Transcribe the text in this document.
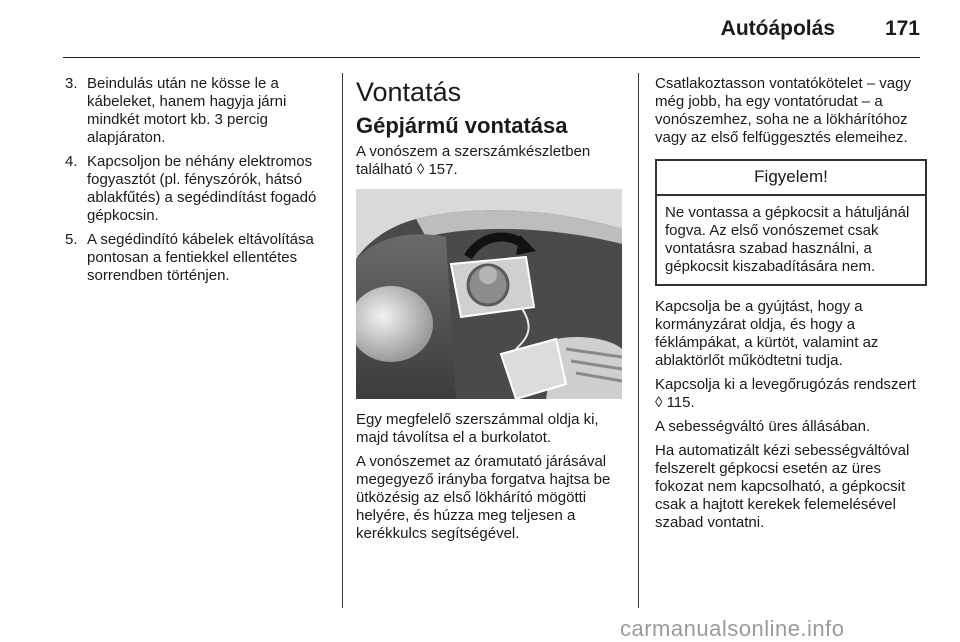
Autóápolás 171
3. Beindulás után ne kösse le a kábeleket, hanem hagyja járni mindkét motort kb. 3 percig alapjáraton.
4. Kapcsoljon be néhány elektromos fogyasztót (pl. fényszórók, hátsó ablakfűtés) a segédindítást fogadó gépkocsin.
5. A segédindító kábelek eltávolítása pontosan a fentiekkel ellentétes sorrendben történjen.
Vontatás
Gépjármű vontatása

A vonószem a szerszámkészletben található ◊ 157.

Egy megfelelő szerszámmal oldja ki, majd távolítsa el a burkolatot.

A vonószemet az óramutató járásával megegyező irányba forgatva hajtsa be ütközésig az első lökhárító mögötti helyére, és húzza meg teljesen a kerékkulcs segítségével.

Csatlakoztasson vontatókötelet – vagy még jobb, ha egy vontatórudat – a vonószemhez, soha ne a lökhárítóhoz vagy az első felfüggesztés elemeihez.

Figyelem!
Ne vontassa a gépkocsit a hátuljánál fogva. Az első vonószemet csak vontatásra szabad használni, a gépkocsit kiszabadítására nem.

Kapcsolja be a gyújtást, hogy a kormányzárat oldja, és hogy a féklámpákat, a kürtöt, valamint az ablaktörlőt működtetni tudja.

Kapcsolja ki a levegőrugózás rendszert ◊ 115.

A sebességváltó üres állásában.

Ha automatizált kézi sebességváltóval felszerelt gépkocsi esetén az üres fokozat nem kapcsolható, a gépkocsit csak a hajtott kerekek felemelésével szabad vontatni.

carmanualsonline.info
